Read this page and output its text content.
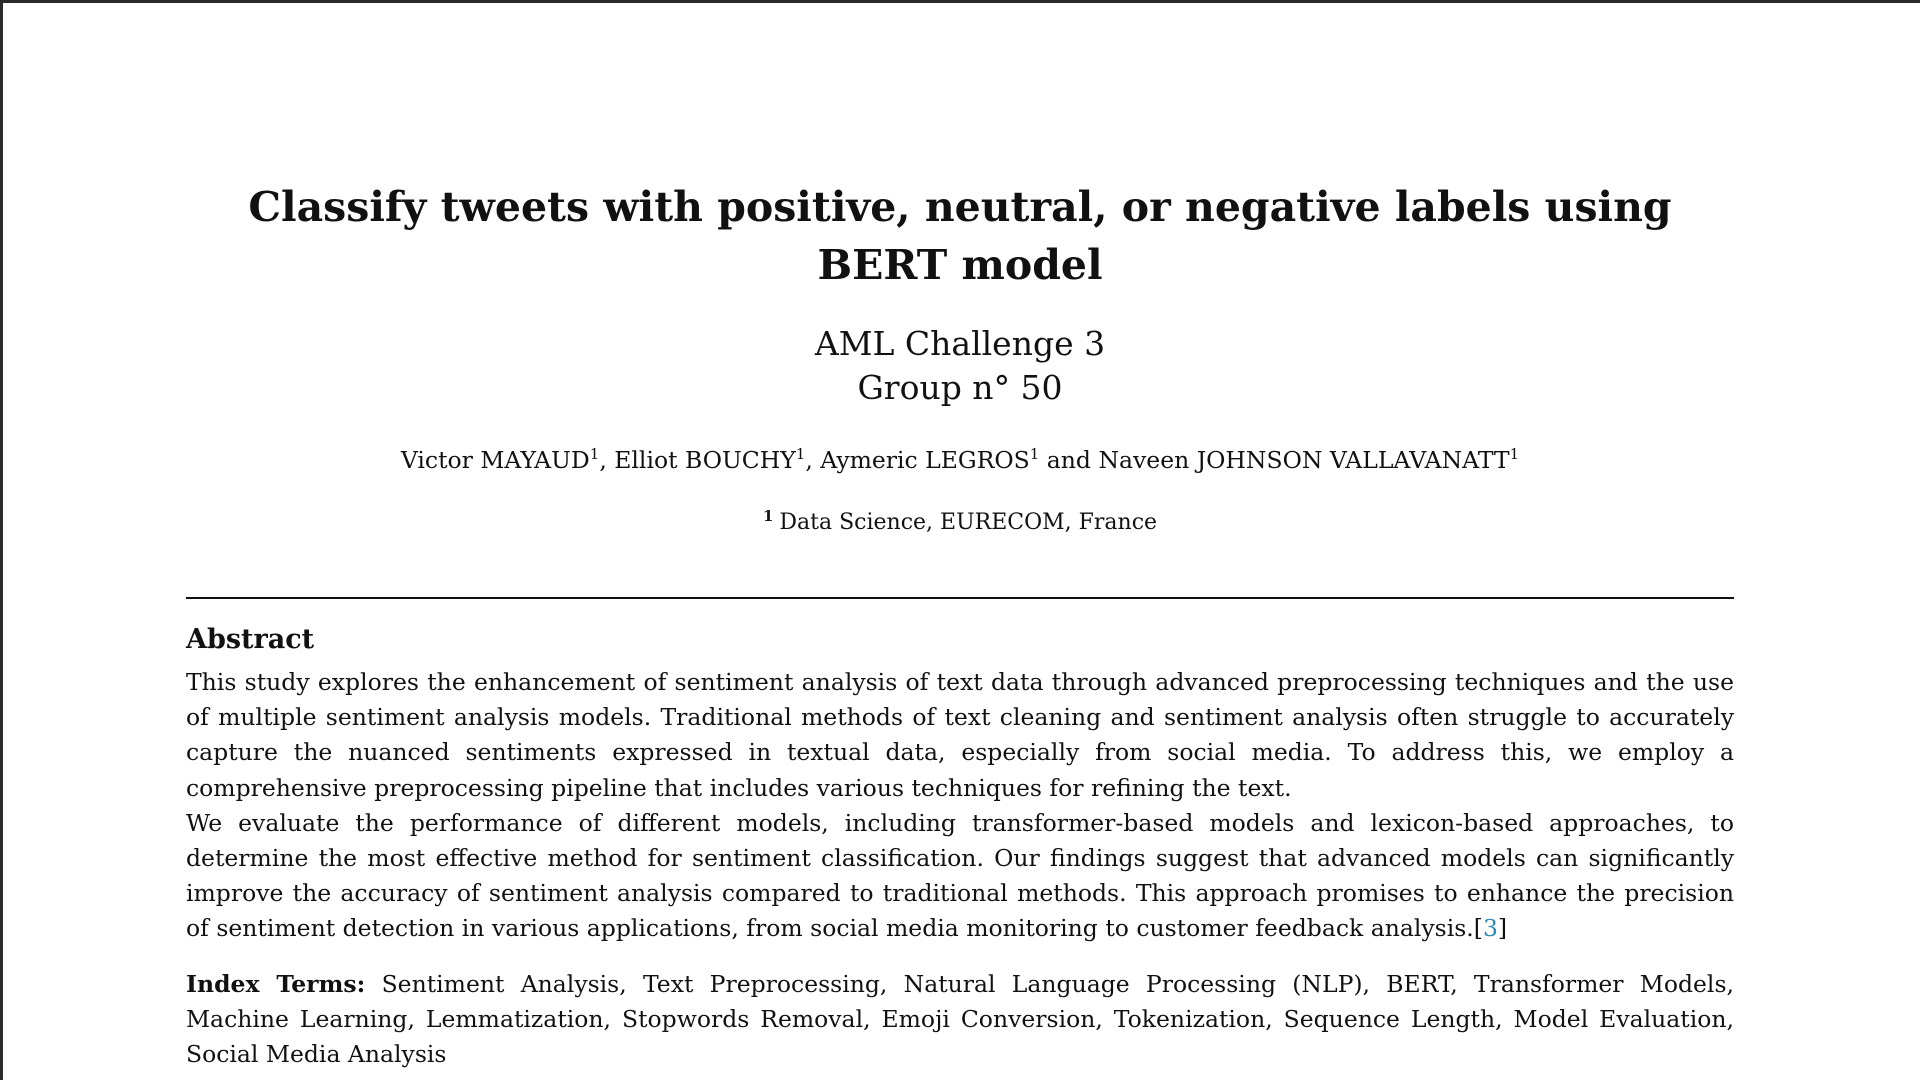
Classify tweets with positive, neutral, or negative labels using BERT model
AML Challenge 3
Group n° 50
Victor MAYAUD$^1$, Elliot BOUCHY$^1$, Aymeric LEGROS$^1$ and Naveen JOHNSON VALLAVANATT$^1$
$^1$ Data Science, EURECOM, France
Abstract

This study explores the enhancement of sentiment analysis of text data through advanced preprocessing techniques and the use of multiple sentiment analysis models. Traditional methods of text cleaning and sentiment analysis often struggle to accurately capture the nuanced sentiments expressed in textual data, especially from social media. To address this, we employ a comprehensive preprocessing pipeline that includes various techniques for refining the text.

We evaluate the performance of different models, including transformer-based models and lexicon-based approaches, to determine the most effective method for sentiment classification. Our findings suggest that advanced models can significantly improve the accuracy of sentiment analysis compared to traditional methods. This approach promises to enhance the precision of sentiment detection in various applications, from social media monitoring to customer feedback analysis.[3]

Index Terms: Sentiment Analysis, Text Preprocessing, Natural Language Processing (NLP), BERT, Transformer Models, Machine Learning, Lemmatization, Stopwords Removal, Emoji Conversion, Tokenization, Sequence Length, Model Evaluation, Social Media Analysis
